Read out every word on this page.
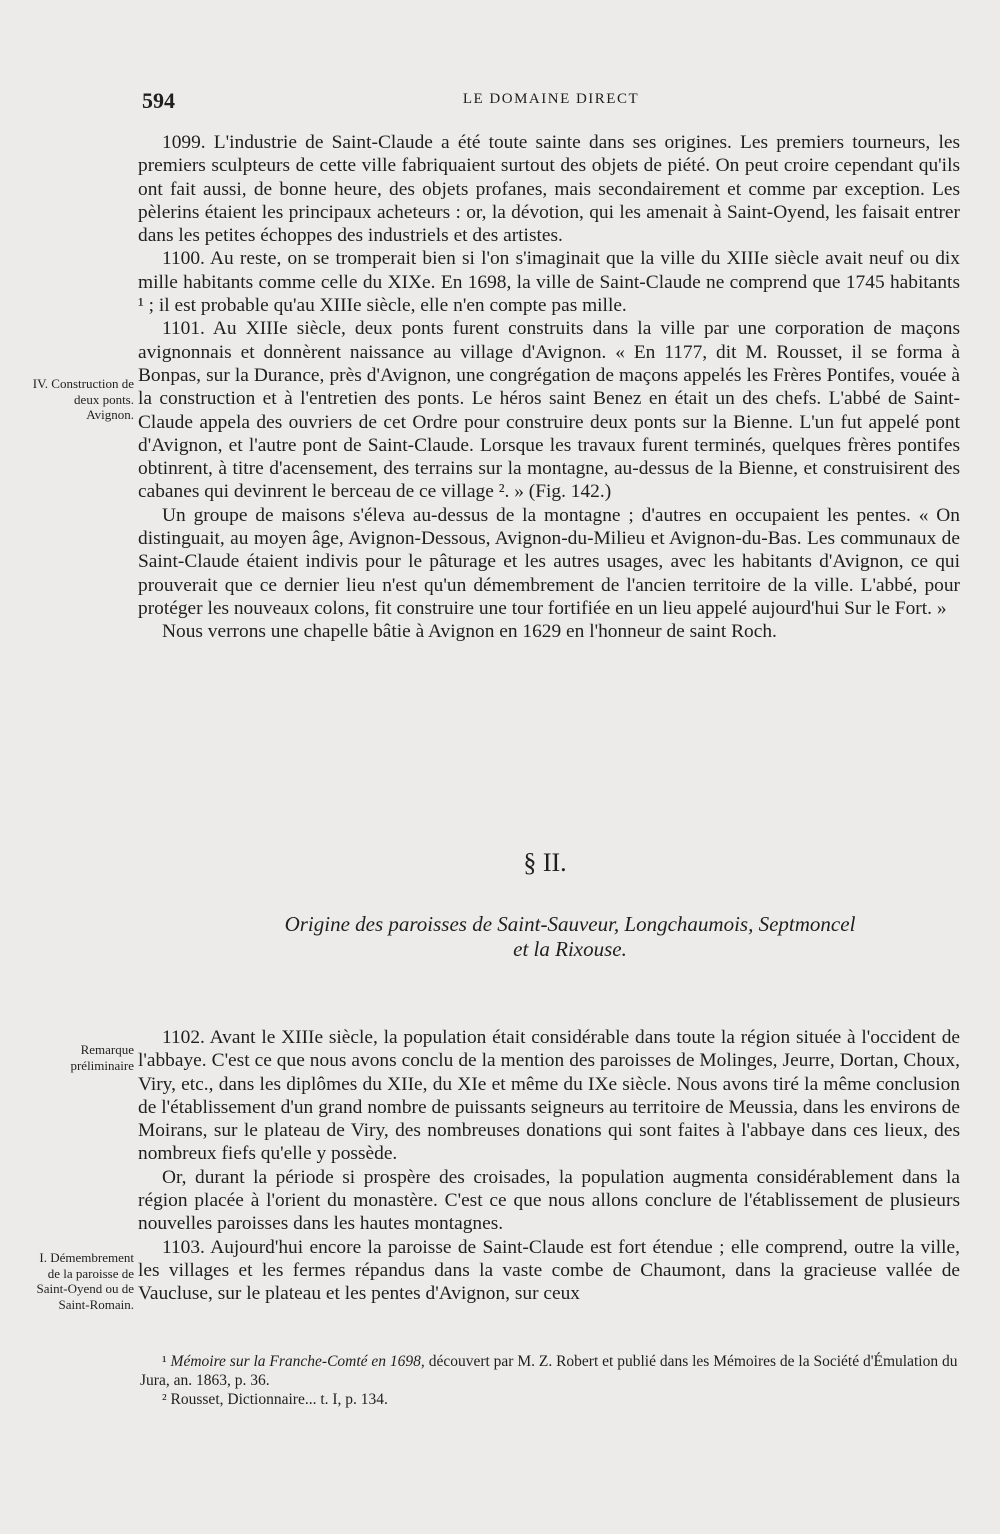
594	LE DOMAINE DIRECT

1099. L'industrie de Saint-Claude a été toute sainte dans ses origines. Les premiers tourneurs, les premiers sculpteurs de cette ville fabriquaient surtout des objets de piété. On peut croire cependant qu'ils ont fait aussi, de bonne heure, des objets profanes, mais secondairement et comme par exception. Les pèlerins étaient les principaux acheteurs : or, la dévotion, qui les amenait à Saint-Oyend, les faisait entrer dans les petites échoppes des industriels et des artistes.

1100. Au reste, on se tromperait bien si l'on s'imaginait que la ville du XIIIe siècle avait neuf ou dix mille habitants comme celle du XIXe. En 1698, la ville de Saint-Claude ne comprend que 1745 habitants ¹ ; il est probable qu'au XIIIe siècle, elle n'en compte pas mille.

1101. Au XIIIe siècle, deux ponts furent construits dans la ville par une corporation de maçons avignonnais et donnèrent naissance au village d'Avignon. « En 1177, dit M. Rousset, il se forma à Bonpas, sur la Durance, près d'Avignon, une congrégation de maçons appelés les Frères Pontifes, vouée à la construction et à l'entretien des ponts. Le héros saint Benez en était un des chefs. L'abbé de Saint-Claude appela des ouvriers de cet Ordre pour construire deux ponts sur la Bienne. L'un fut appelé pont d'Avignon, et l'autre pont de Saint-Claude. Lorsque les travaux furent terminés, quelques frères pontifes obtinrent, à titre d'acensement, des terrains sur la montagne, au-dessus de la Bienne, et construisirent des cabanes qui devinrent le berceau de ce village ². » (Fig. 142.)

Un groupe de maisons s'éleva au-dessus de la montagne ; d'autres en occupaient les pentes. « On distinguait, au moyen âge, Avignon-Dessous, Avignon-du-Milieu et Avignon-du-Bas. Les communaux de Saint-Claude étaient indivis pour le pâturage et les autres usages, avec les habitants d'Avignon, ce qui prouverait que ce dernier lieu n'est qu'un démembrement de l'ancien territoire de la ville. L'abbé, pour protéger les nouveaux colons, fit construire une tour fortifiée en un lieu appelé aujourd'hui Sur le Fort. »

Nous verrons une chapelle bâtie à Avignon en 1629 en l'honneur de saint Roch.

§ II.
Origine des paroisses de Saint-Sauveur, Longchaumois, Septmoncel
et la Rixouse.

1102. Avant le XIIIe siècle, la population était considérable dans toute la région située à l'occident de l'abbaye. C'est ce que nous avons conclu de la mention des paroisses de Molinges, Jeurre, Dortan, Choux, Viry, etc., dans les diplômes du XIIe, du XIe et même du IXe siècle. Nous avons tiré la même conclusion de l'établissement d'un grand nombre de puissants seigneurs au territoire de Meussia, dans les environs de Moirans, sur le plateau de Viry, des nombreuses donations qui sont faites à l'abbaye dans ces lieux, des nombreux fiefs qu'elle y possède.

Or, durant la période si prospère des croisades, la population augmenta considérablement dans la région placée à l'orient du monastère. C'est ce que nous allons conclure de l'établissement de plusieurs nouvelles paroisses dans les hautes montagnes.

1103. Aujourd'hui encore la paroisse de Saint-Claude est fort étendue ; elle comprend, outre la ville, les villages et les fermes répandus dans la vaste combe de Chaumont, dans la gracieuse vallée de Vaucluse, sur le plateau et les pentes d'Avignon, sur ceux

IV. Construction de deux ponts. Avignon.
Remarque préliminaire
I. Démembrement de la paroisse de Saint-Oyend ou de Saint-Romain.

¹ Mémoire sur la Franche-Comté en 1698, découvert par M. Z. Robert et publié dans les Mémoires de la Société d'Émulation du Jura, an. 1863, p. 36.

² Rousset, Dictionnaire... t. I, p. 134.
